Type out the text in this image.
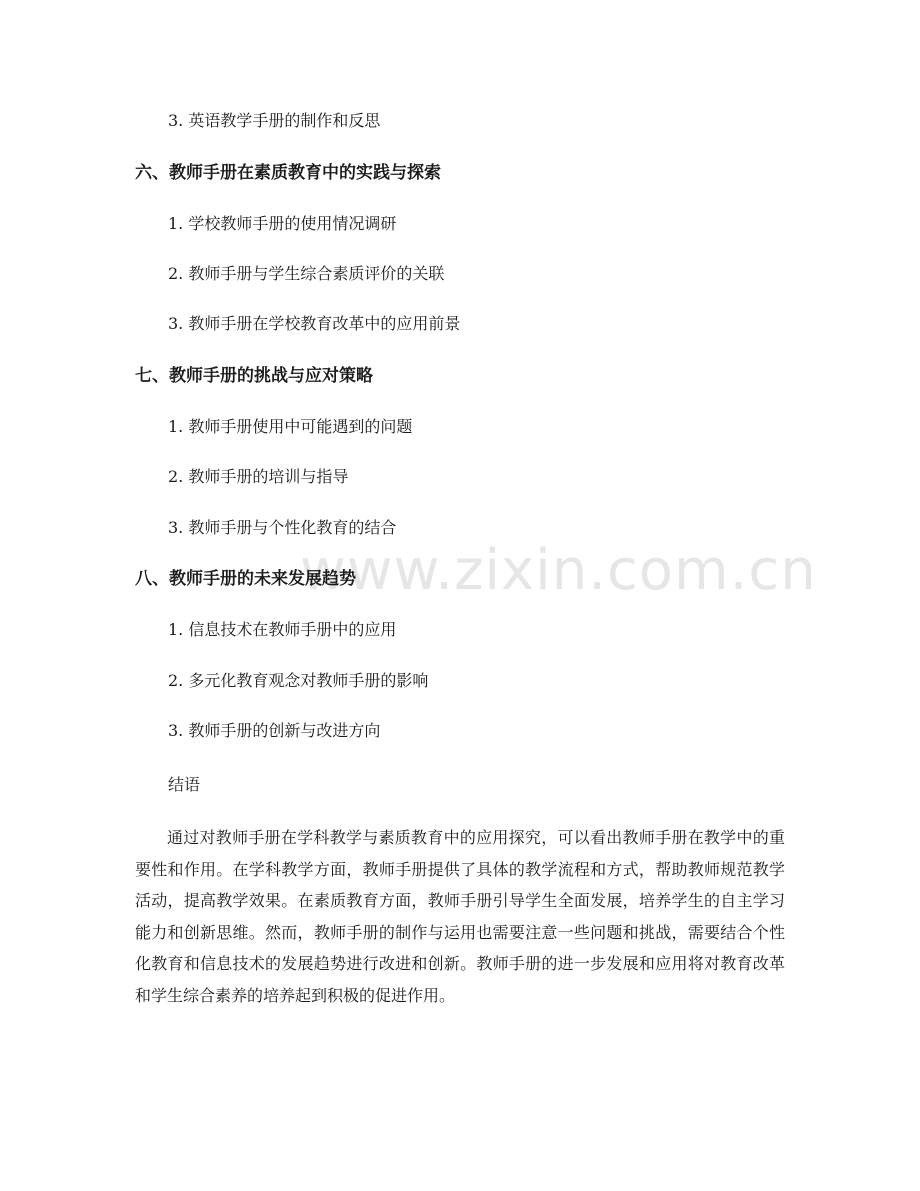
www.zixin.com.cn
3. 英语教学手册的制作和反思
六、教师手册在素质教育中的实践与探索
1. 学校教师手册的使用情况调研
2. 教师手册与学生综合素质评价的关联
3. 教师手册在学校教育改革中的应用前景
七、教师手册的挑战与应对策略
1. 教师手册使用中可能遇到的问题
2. 教师手册的培训与指导
3. 教师手册与个性化教育的结合
八、教师手册的未来发展趋势
1. 信息技术在教师手册中的应用
2. 多元化教育观念对教师手册的影响
3. 教师手册的创新与改进方向
结语
通过对教师手册在学科教学与素质教育中的应用探究，可以看出教师手册在教学中的重要性和作用。在学科教学方面，教师手册提供了具体的教学流程和方式，帮助教师规范教学活动，提高教学效果。在素质教育方面，教师手册引导学生全面发展，培养学生的自主学习能力和创新思维。然而，教师手册的制作与运用也需要注意一些问题和挑战，需要结合个性化教育和信息技术的发展趋势进行改进和创新。教师手册的进一步发展和应用将对教育改革和学生综合素养的培养起到积极的促进作用。
